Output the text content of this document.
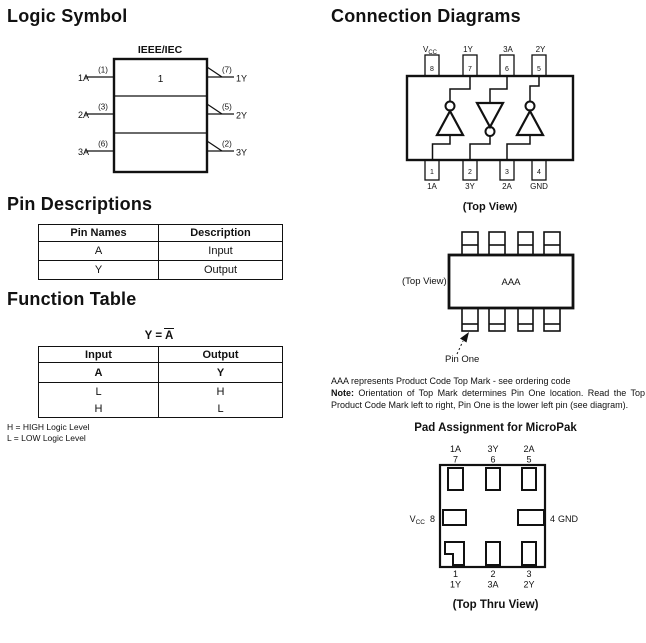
Logic Symbol
IEEE/IEC
1
1A
(1)	(7)
1Y
2A
(3)	(5)
2Y
3A
(6)	(2)
3Y
Pin Descriptions
Pin Names	Description
A	Input
Y	Output
Function Table
Y = A
Input	Output
A	Y
L	H
H	L
H = HIGH Logic Level
L = LOW Logic Level
Connection Diagrams
$V_{CC}$	1Y	3A	2Y
8	7	6	5
1	2	3	4
1A	3Y	2A GND
(Top View)
AAA
(Top View)
Pin One
AAA represents Product Code Top Mark - see ordering code
Note: Orientation of Top Mark determines Pin One location. Read the Top Product Code Mark left to right, Pin One is the lower left pin (see diagram).
Pad Assignment for MicroPak
1A	3Y	2A
7	6	5
$V_{CC}$ 8	4 GND
1	2	3
1Y	3A	2Y
(Top Thru View)
